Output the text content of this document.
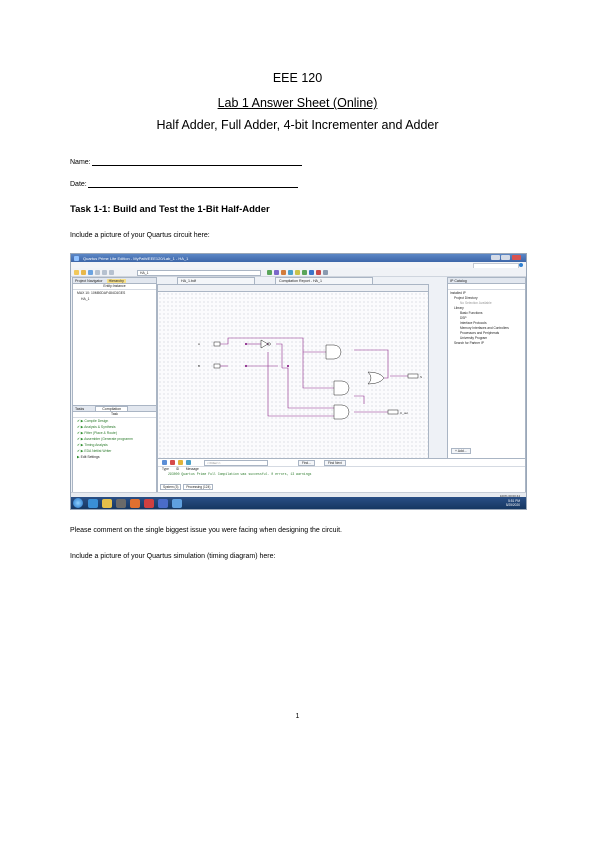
EEE 120
Lab 1 Answer Sheet (Online)
Half Adder, Full Adder, 4-bit Incrementer and Adder
Name:
Date:
Task 1-1: Build and Test the 1-Bit Half-Adder
Include a picture of your Quartus circuit here:
Quartus Prime Lite Edition - MyPath/EEE120/Lab_1 - HA_1
HA_1
Project Navigator Hierarchy
Entity:Instance
MAX 10: 10M50DAF484C6GES
HA_1
Tasks	Compilation
Task
✔ ▶ Compile Design
✔ ▶ Analysis & Synthesis
✔ ▶ Fitter (Place & Route)
✔ ▶ Assembler (Generate programm
✔ ▶ Timing Analysis
✔ ▶ EDA Netlist Writer
▶ Edit Settings
HA_1.bdf	Compilation Report - HA_1
A
B
C_out
S
IP Catalog
Installed IP
Project Directory
No Selection Available
Library
Basic Functions
DSP
Interface Protocols
Memory Interfaces and Controllers
Processors and Peripherals
University Program
Search for Partner IP
+ Add...
<<Filter>>	Find...	Find Next
Type ID Message
293000 Quartus Prime Full Compilation was successful. 0 errors, 13 warnings
System (3) Processing (124)
100% 00:00:44
5:51 PM
5/25/2020
Please comment on the single biggest issue you were facing when designing the circuit.
Include a picture of your Quartus simulation (timing diagram) here:
1
